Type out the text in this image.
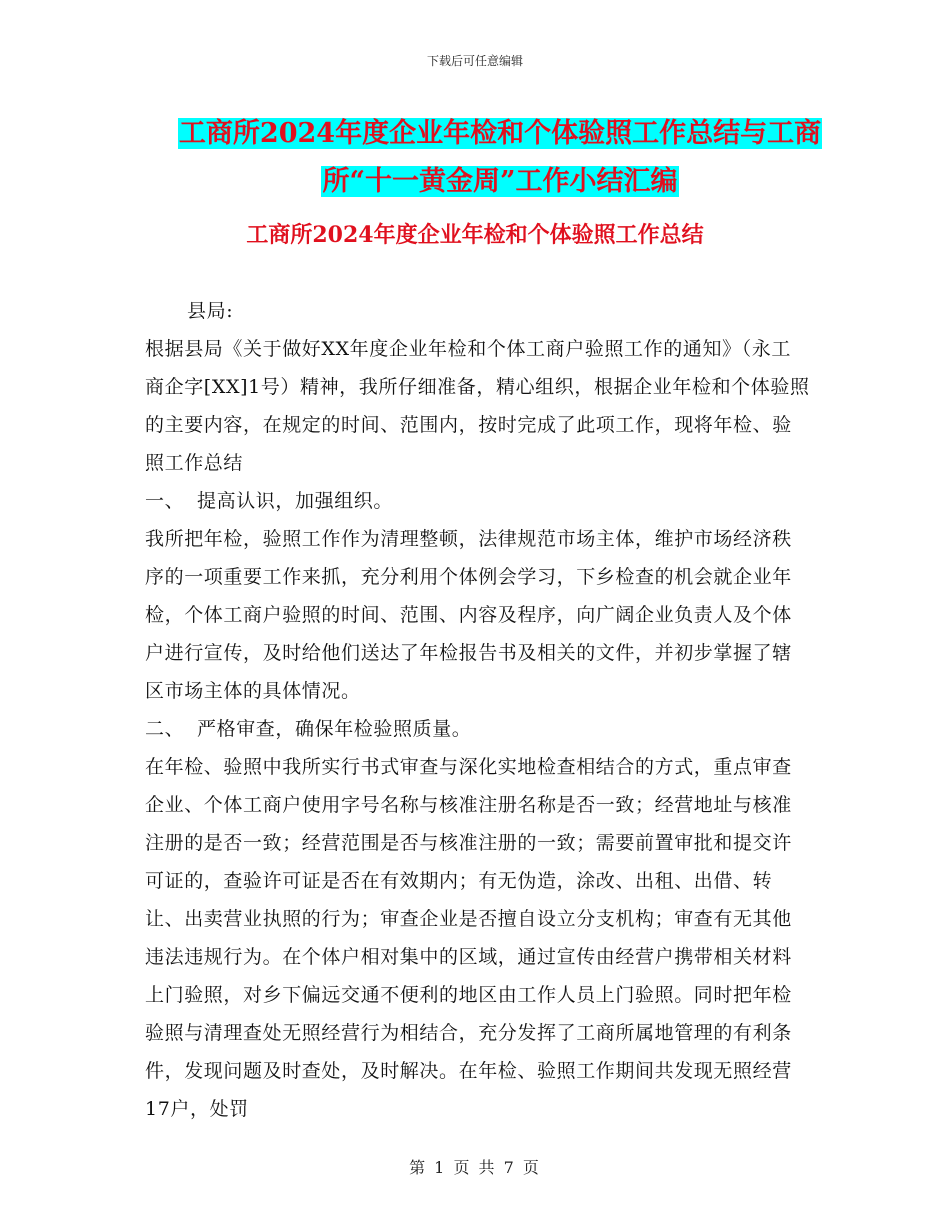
下载后可任意编辑
工商所2024年度企业年检和个体验照工作总结与工商
所“十一黄金周”工作小结汇编
工商所2024年度企业年检和个体验照工作总结

县局:

根据县局《关于做好XX年度企业年检和个体工商户验照工作的通知》（永工商企字[XX]1号）精神，我所仔细准备，精心组织，根据企业年检和个体验照的主要内容，在规定的时间、范围内，按时完成了此项工作，现将年检、验照工作总结

一、 提高认识，加强组织。

我所把年检，验照工作作为清理整顿，法律规范市场主体，维护市场经济秩序的一项重要工作来抓，充分利用个体例会学习，下乡检查的机会就企业年检，个体工商户验照的时间、范围、内容及程序，向广阔企业负责人及个体户进行宣传，及时给他们送达了年检报告书及相关的文件，并初步掌握了辖区市场主体的具体情况。

二、 严格审查，确保年检验照质量。

在年检、验照中我所实行书式审查与深化实地检查相结合的方式，重点审查企业、个体工商户使用字号名称与核准注册名称是否一致；经营地址与核准注册的是否一致；经营范围是否与核准注册的一致；需要前置审批和提交许可证的，查验许可证是否在有效期内；有无伪造，涂改、出租、出借、转让、出卖营业执照的行为；审查企业是否擅自设立分支机构；审查有无其他违法违规行为。在个体户相对集中的区域，通过宣传由经营户携带相关材料上门验照，对乡下偏远交通不便利的地区由工作人员上门验照。同时把年检验照与清理查处无照经营行为相结合，充分发挥了工商所属地管理的有利条件，发现问题及时查处，及时解决。在年检、验照工作期间共发现无照经营17户，处罚

第 1 页 共 7 页
